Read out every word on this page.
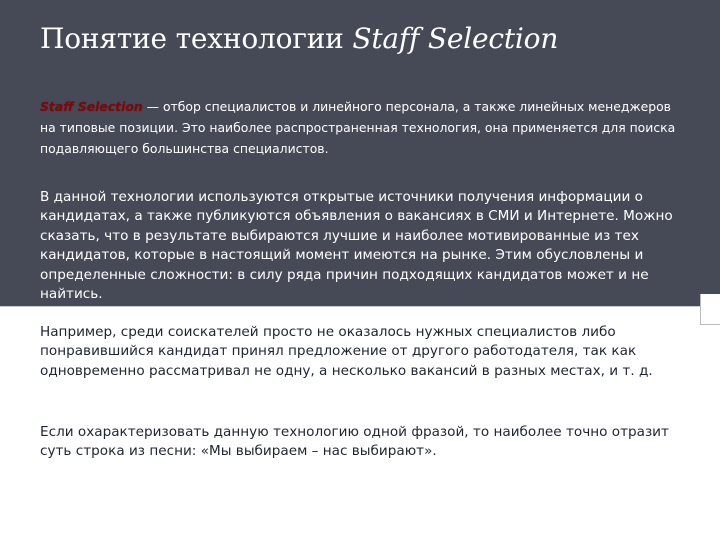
Понятие технологии Staff Selection

Staff Selection — отбор специалистов и линейного персонала, а также линейных менеджеров на типовые позиции. Это наиболее распространенная технология, она применяется для поиска подавляющего большинства специалистов.

В данной технологии используются открытые источники получения информации о кандидатах, а также публикуются объявления о вакансиях в СМИ и Интернете. Можно сказать, что в результате выбираются лучшие и наиболее мотивированные из тех кандидатов, которые в настоящий момент имеются на рынке. Этим обусловлены и определенные сложности: в силу ряда причин подходящих кандидатов может и не найтись.

Например, среди соискателей просто не оказалось нужных специалистов либо понравившийся кандидат принял предложение от другого работодателя, так как одновременно рассматривал не одну, а несколько вакансий в разных местах, и т. д.

Если охарактеризовать данную технологию одной фразой, то наиболее точно отразит суть строка из песни: «Мы выбираем – нас выбирают».
